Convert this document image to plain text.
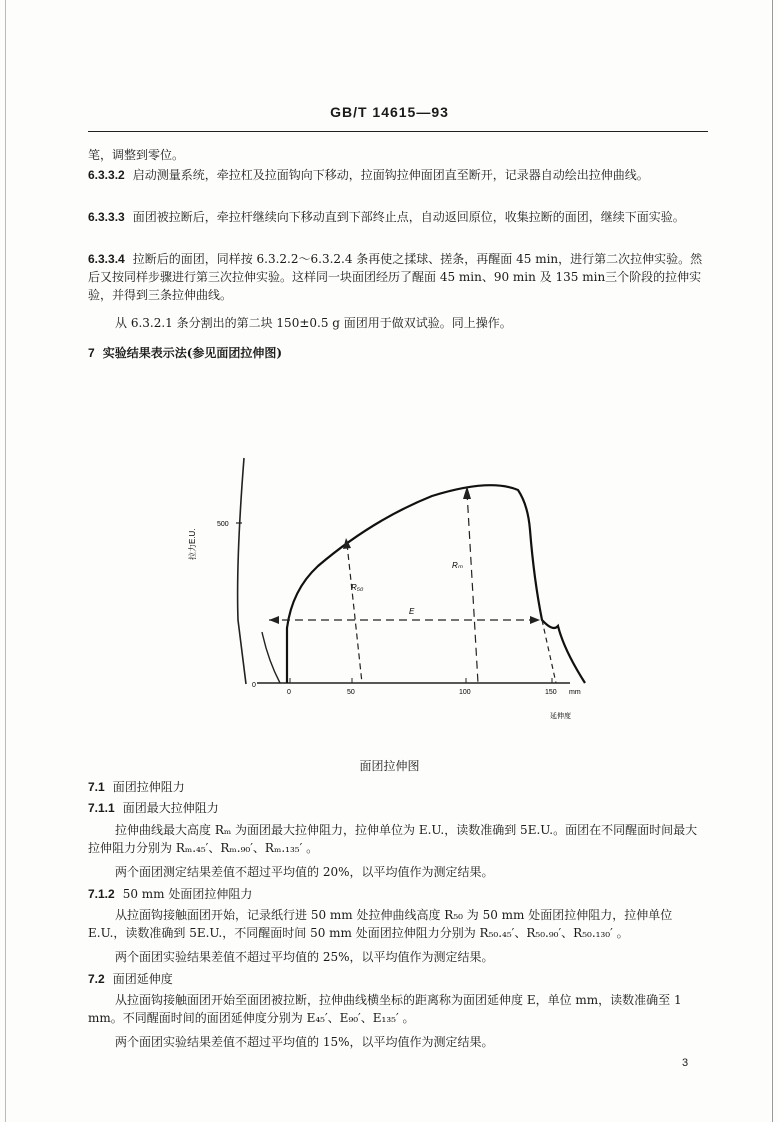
GB/T 14615—93
笔，调整到零位。
6.3.3.2 启动测量系统，牵拉杠及拉面钩向下移动，拉面钩拉伸面团直至断开，记录器自动绘出拉伸曲线。
6.3.3.3 面团被拉断后，牵拉杆继续向下移动直到下部终止点，自动返回原位，收集拉断的面团，继续下面实验。
6.3.3.4 拉断后的面团，同样按 6.3.2.2～6.3.2.4 条再使之揉球、搓条，再醒面 45 min，进行第二次拉伸实验。然后又按同样步骤进行第三次拉伸实验。这样同一块面团经历了醒面 45 min、90 min 及 135 min三个阶段的拉伸实验，并得到三条拉伸曲线。
从 6.3.2.1 条分割出的第二块 150±0.5 g 面团用于做双试验。同上操作。
7 实验结果表示法(参见面团拉伸图)
500
拉力E.U.
0
0	50	100	150 mm
延伸度
E
R₅₀
Rₘ
面团拉伸图
7.1 面团拉伸阻力
7.1.1 面团最大拉伸阻力
拉伸曲线最大高度 Rₘ 为面团最大拉伸阻力，拉伸单位为 E.U.，读数准确到 5E.U.。面团在不同醒面时间最大拉伸阻力分别为 Rₘ.₄₅′、Rₘ.₉₀′、Rₘ.₁₃₅′ 。
两个面团测定结果差值不超过平均值的 20%，以平均值作为测定结果。
7.1.2 50 mm 处面团拉伸阻力
从拉面钩接触面团开始，记录纸行进 50 mm 处拉伸曲线高度 R₅₀ 为 50 mm 处面团拉伸阻力，拉伸单位 E.U.，读数准确到 5E.U.，不同醒面时间 50 mm 处面团拉伸阻力分别为 R₅₀.₄₅′、R₅₀.₉₀′、R₅₀.₁₃₀′ 。
两个面团实验结果差值不超过平均值的 25%，以平均值作为测定结果。
7.2 面团延伸度
从拉面钩接触面团开始至面团被拉断，拉伸曲线横坐标的距离称为面团延伸度 E，单位 mm，读数准确至 1 mm。不同醒面时间的面团延伸度分别为 E₄₅′、E₉₀′、E₁₃₅′ 。
两个面团实验结果差值不超过平均值的 15%，以平均值作为测定结果。
3
